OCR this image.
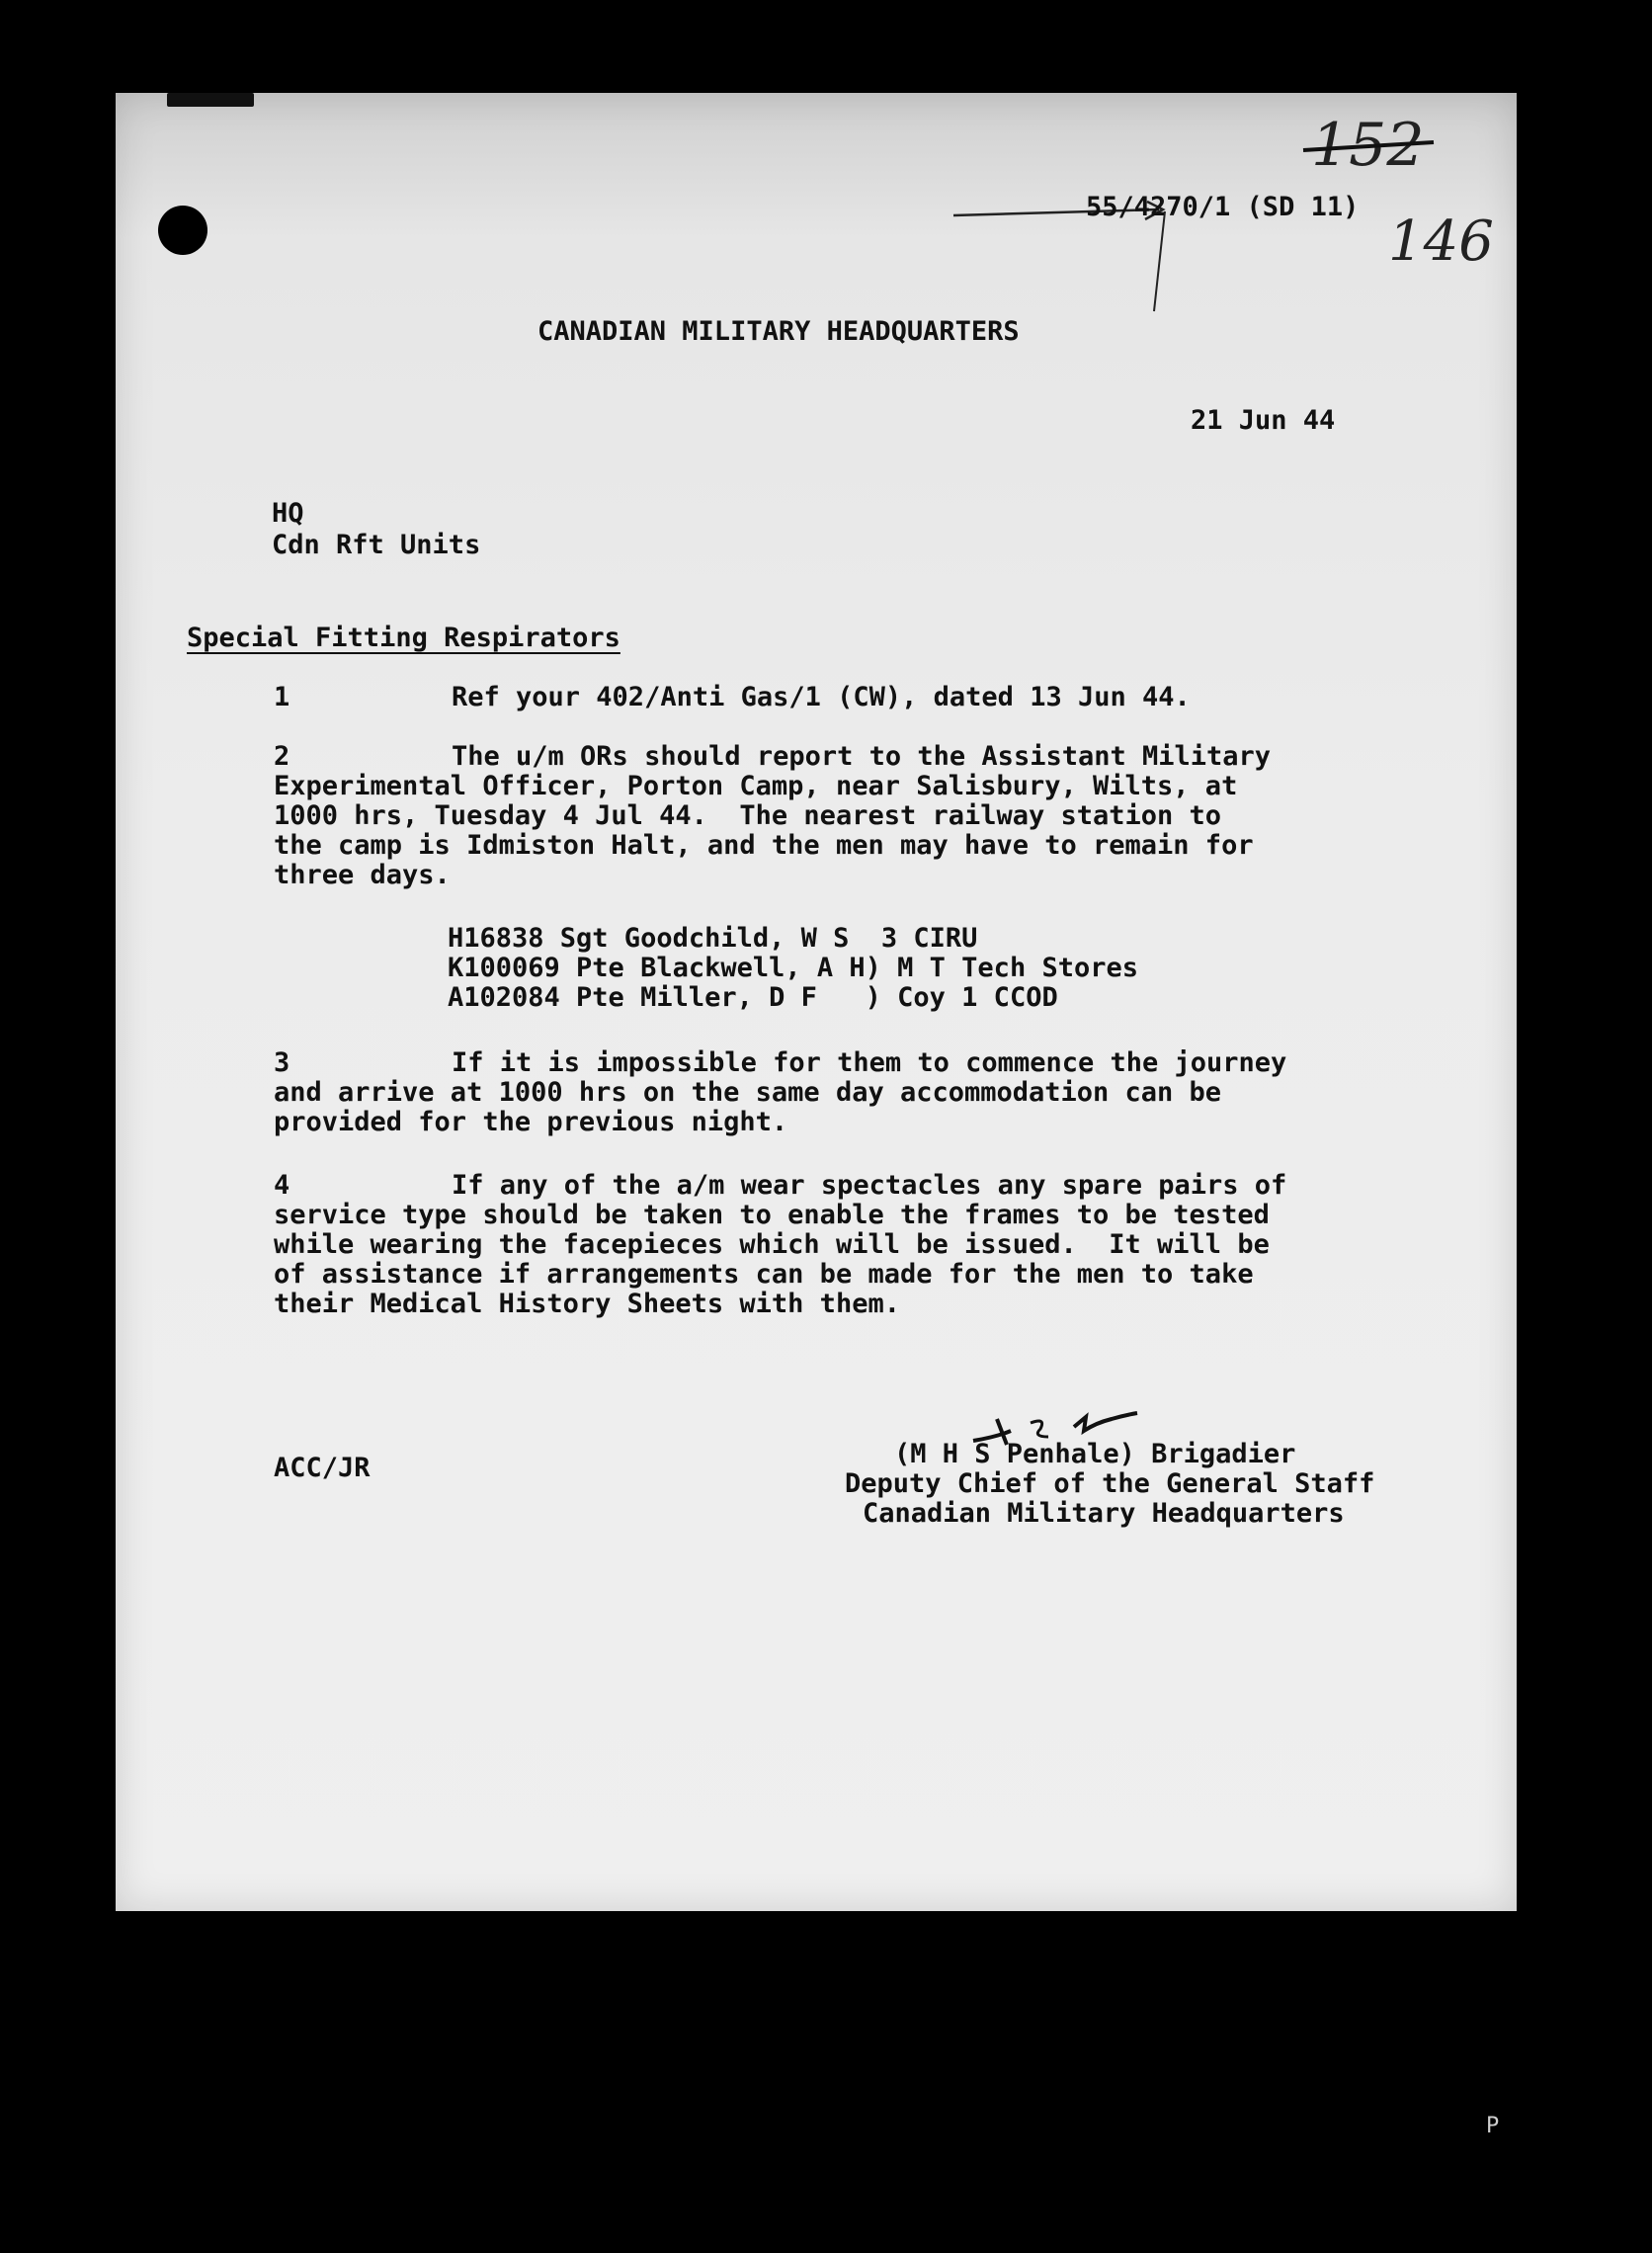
152
55/4270/1 (SD 11)
146
CANADIAN MILITARY HEADQUARTERS
21 Jun 44
HQ
Cdn Rft Units
Special Fitting Respirators
1	Ref your 402/Anti Gas/1 (CW), dated 13 Jun 44.
2	The u/m ORs should report to the Assistant Military
Experimental Officer, Porton Camp, near Salisbury, Wilts, at
1000 hrs, Tuesday 4 Jul 44.  The nearest railway station to
the camp is Idmiston Halt, and the men may have to remain for
three days.
H16838 Sgt Goodchild, W S  3 CIRU
K100069 Pte Blackwell, A H) M T Tech Stores
A102084 Pte Miller, D F   ) Coy 1 CCOD
3	If it is impossible for them to commence the journey
and arrive at 1000 hrs on the same day accommodation can be
provided for the previous night.
4	If any of the a/m wear spectacles any spare pairs of
service type should be taken to enable the frames to be tested
while wearing the facepieces which will be issued.  It will be
of assistance if arrangements can be made for the men to take
their Medical History Sheets with them.
ACC/JR	(M H S Penhale) Brigadier
Deputy Chief of the General Staff
Canadian Military Headquarters
P
